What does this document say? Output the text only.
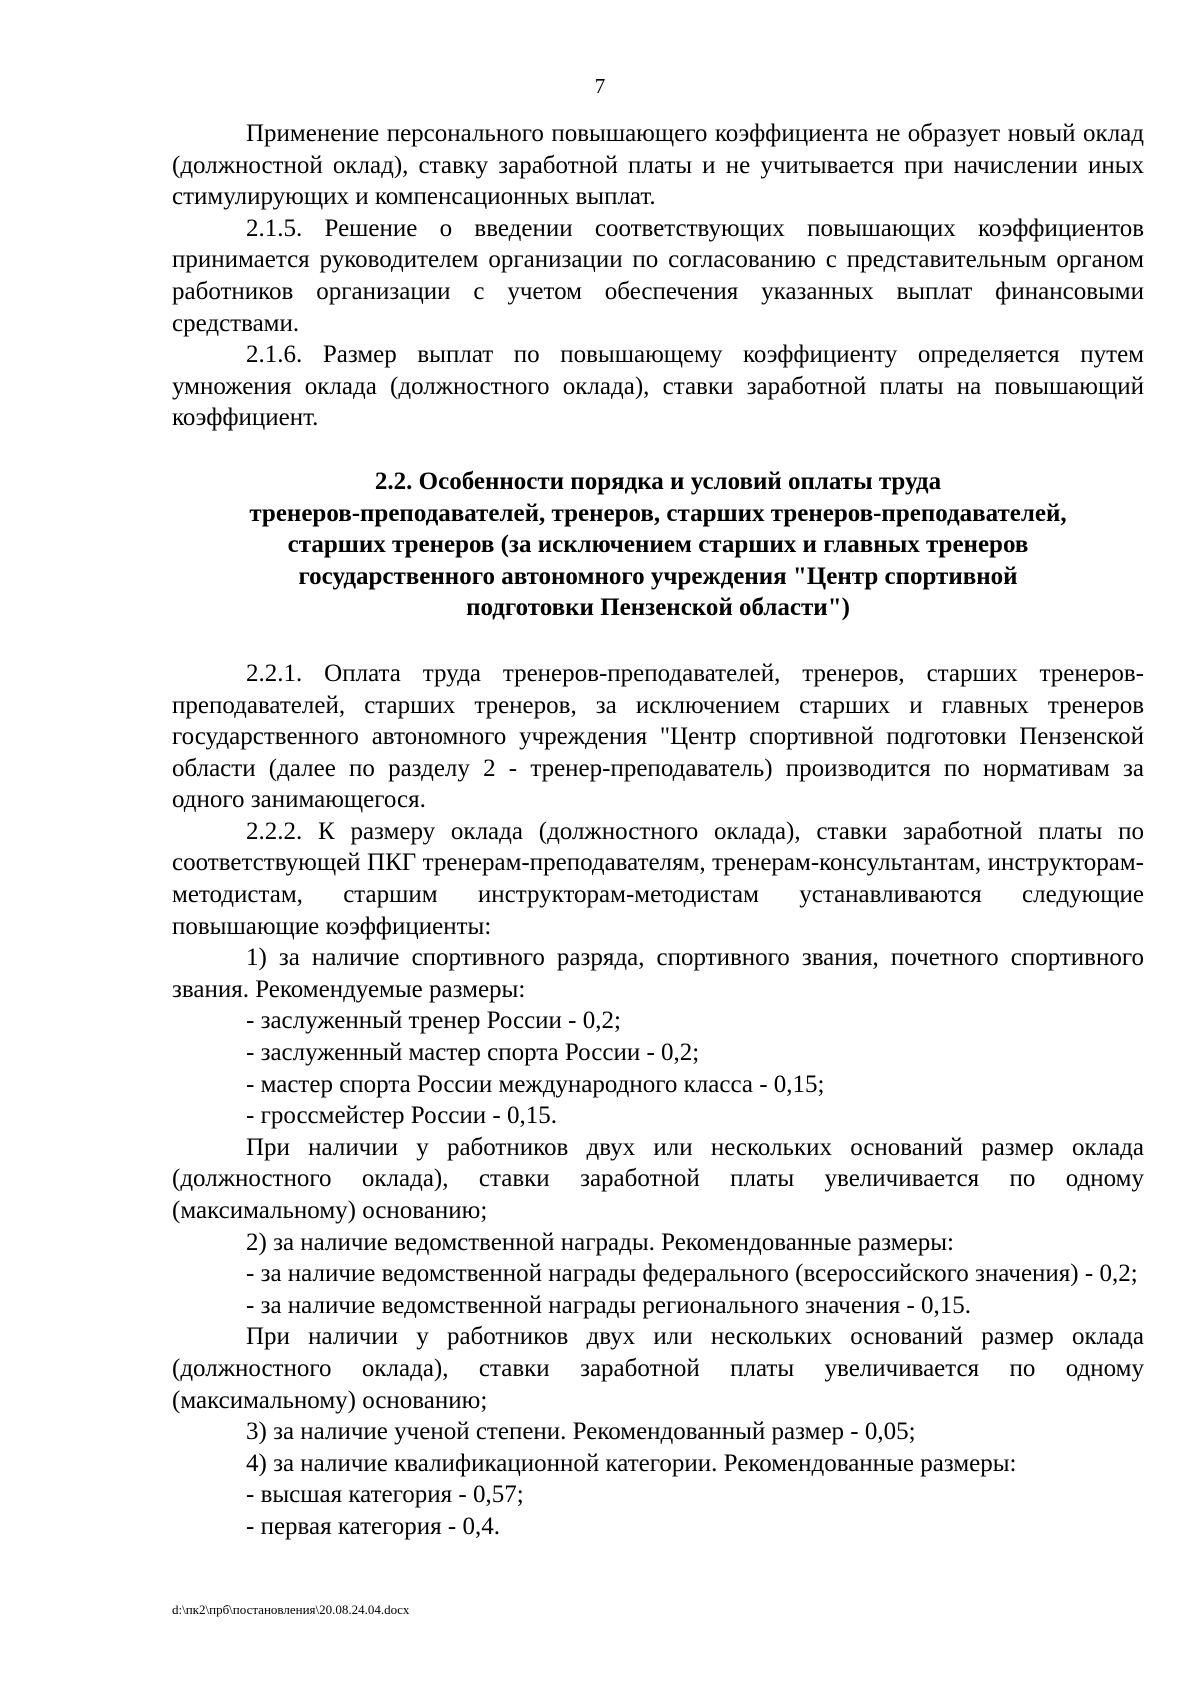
7

Применение персонального повышающего коэффициента не образует новый оклад (должностной оклад), ставку заработной платы и не учитывается при начислении иных стимулирующих и компенсационных выплат.

2.1.5. Решение о введении соответствующих повышающих коэффициентов принимается руководителем организации по согласованию с представительным органом работников организации с учетом обеспечения указанных выплат финансовыми средствами.

2.1.6. Размер выплат по повышающему коэффициенту определяется путем умножения оклада (должностного оклада), ставки заработной платы на повышающий коэффициент.

2.2. Особенности порядка и условий оплаты труда
тренеров-преподавателей, тренеров, старших тренеров-преподавателей,
старших тренеров (за исключением старших и главных тренеров
государственного автономного учреждения "Центр спортивной
подготовки Пензенской области")

2.2.1. Оплата труда тренеров-преподавателей, тренеров, старших тренеров-преподавателей, старших тренеров, за исключением старших и главных тренеров государственного автономного учреждения "Центр спортивной подготовки Пензенской области (далее по разделу 2 - тренер-преподаватель) производится по нормативам за одного занимающегося.

2.2.2. К размеру оклада (должностного оклада), ставки заработной платы по соответствующей ПКГ тренерам-преподавателям, тренерам-консультантам, инструкторам-методистам, старшим инструкторам-методистам устанавливаются следующие повышающие коэффициенты:

1) за наличие спортивного разряда, спортивного звания, почетного спортивного звания. Рекомендуемые размеры:

- заслуженный тренер России - 0,2;

- заслуженный мастер спорта России - 0,2;

- мастер спорта России международного класса - 0,15;

- гроссмейстер России - 0,15.

При наличии у работников двух или нескольких оснований размер оклада (должностного оклада), ставки заработной платы увеличивается по одному (максимальному) основанию;

2) за наличие ведомственной награды. Рекомендованные размеры:

- за наличие ведомственной награды федерального (всероссийского значения) - 0,2;

- за наличие ведомственной награды регионального значения - 0,15.

При наличии у работников двух или нескольких оснований размер оклада (должностного оклада), ставки заработной платы увеличивается по одному (максимальному) основанию;

3) за наличие ученой степени. Рекомендованный размер - 0,05;

4) за наличие квалификационной категории. Рекомендованные размеры:

- высшая категория - 0,57;

- первая категория - 0,4.

d:\пк2\прб\постановления\20.08.24.04.docx
